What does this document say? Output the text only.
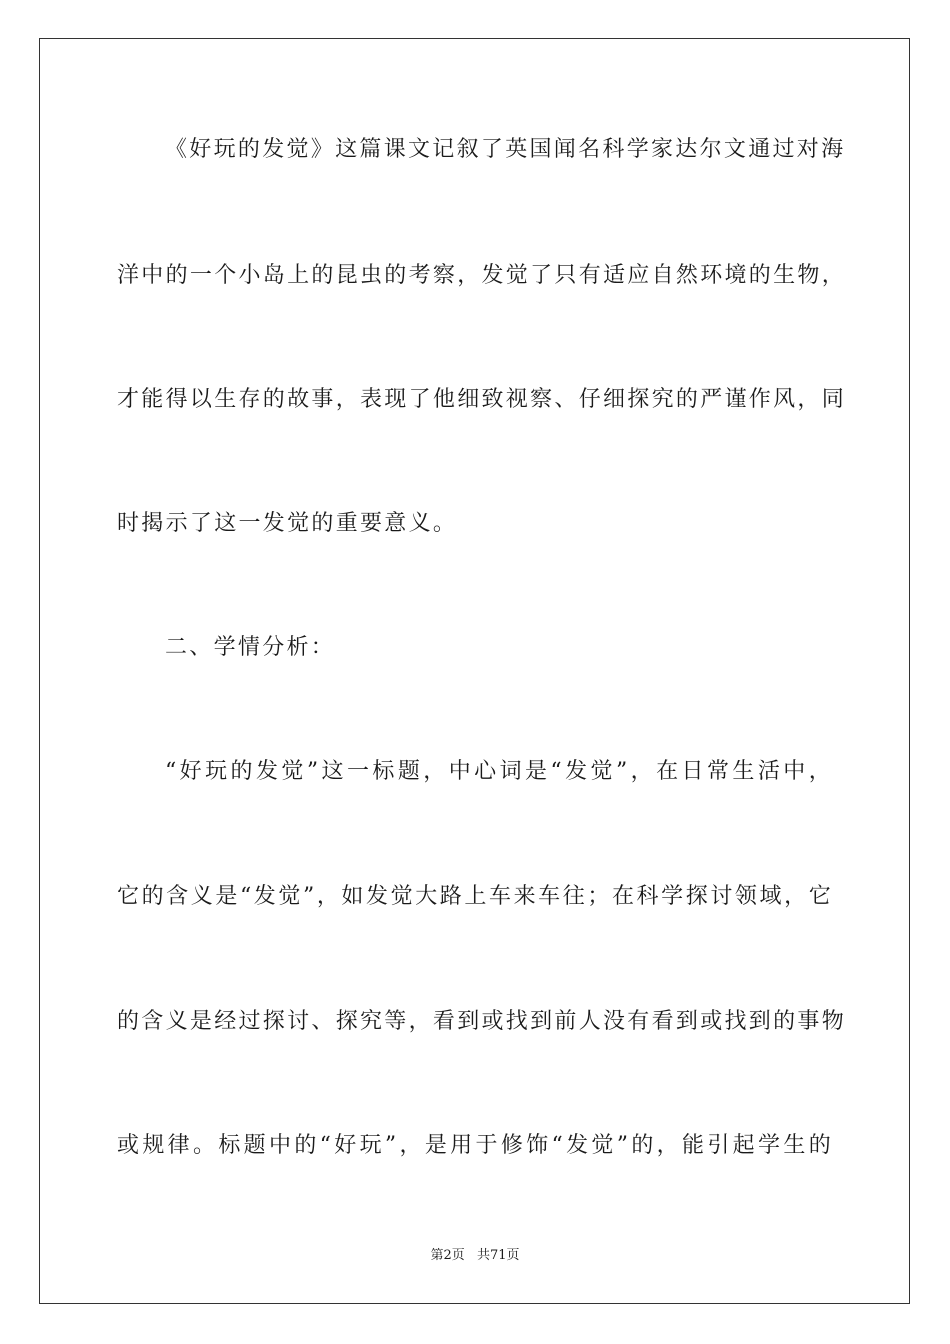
《好玩的发觉》这篇课文记叙了英国闻名科学家达尔文通过对海
洋中的一个小岛上的昆虫的考察，发觉了只有适应自然环境的生物，
才能得以生存的故事，表现了他细致视察、仔细探究的严谨作风，同
时揭示了这一发觉的重要意义。
二、学情分析：
“好玩的发觉”这一标题，中心词是“发觉”，在日常生活中，
它的含义是“发觉”，如发觉大路上车来车往；在科学探讨领域，它
的含义是经过探讨、探究等，看到或找到前人没有看到或找到的事物
或规律。标题中的“好玩”，是用于修饰“发觉”的，能引起学生的
第2页 共71页
